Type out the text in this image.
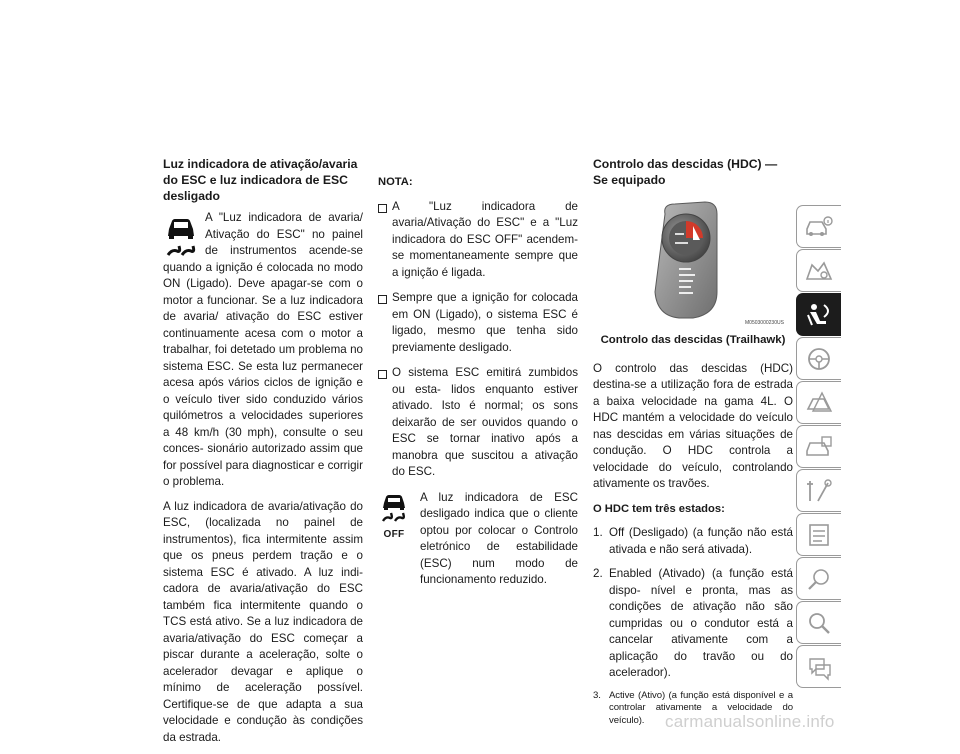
Luz indicadora de ativação/avaria do ESC e luz indicadora de ESC desligado

A "Luz indicadora de avaria/ Ativação do ESC" no painel de instrumentos acende-se quando a ignição é colocada no modo ON (Ligado). Deve apagar-se com o motor a funcionar. Se a luz indicadora de avaria/ ativação do ESC estiver continuamente acesa com o motor a trabalhar, foi detetado um problema no sistema ESC. Se esta luz permanecer acesa após vários ciclos de ignição e o veículo tiver sido conduzido vários quilómetros a velocidades superiores a 48 km/h (30 mph), consulte o seu conces- sionário autorizado assim que for possível para diagnosticar e corrigir o problema.

A luz indicadora de avaria/ativação do ESC, (localizada no painel de instrumentos), fica intermitente assim que os pneus perdem tração e o sistema ESC é ativado. A luz indi- cadora de avaria/ativação do ESC também fica intermitente quando o TCS está ativo. Se a luz indicadora de avaria/ativação do ESC começar a piscar durante a aceleração, solte o acelerador devagar e aplique o mínimo de aceleração possível. Certifique-se de que adapta a sua velocidade e condução às condições da estrada.

NOTA:
A "Luz indicadora de avaria/Ativação do ESC" e a "Luz indicadora do ESC OFF" acendem-se momentaneamente sempre que a ignição é ligada.
Sempre que a ignição for colocada em ON (Ligado), o sistema ESC é ligado, mesmo que tenha sido previamente desligado.
O sistema ESC emitirá zumbidos ou esta- lidos enquanto estiver ativado. Isto é normal; os sons deixarão de ser ouvidos quando o ESC se tornar inativo após a manobra que suscitou a ativação do ESC.
OFF
A luz indicadora de ESC desligado indica que o cliente optou por colocar o Controlo eletrónico de estabilidade (ESC) num modo de funcionamento reduzido.
Controlo das descidas (HDC) — Se equipado
M0503000230US
Controlo das descidas (Trailhawk)

O controlo das descidas (HDC) destina-se a utilização fora de estrada a baixa velocidade na gama 4L. O HDC mantém a velocidade do veículo nas descidas em várias situações de condução. O HDC controla a velocidade do veículo, controlando ativamente os travões.

O HDC tem três estados:
1. Off (Desligado) (a função não está ativada e não será ativada).
2. Enabled (Ativado) (a função está dispo- nível e pronta, mas as condições de ativação não são cumpridas ou o condutor está a cancelar ativamente com a aplicação do travão ou do acelerador).
3. Active (Ativo) (a função está disponível e a controlar ativamente a velocidade do veículo).	carmanualsonline.info
